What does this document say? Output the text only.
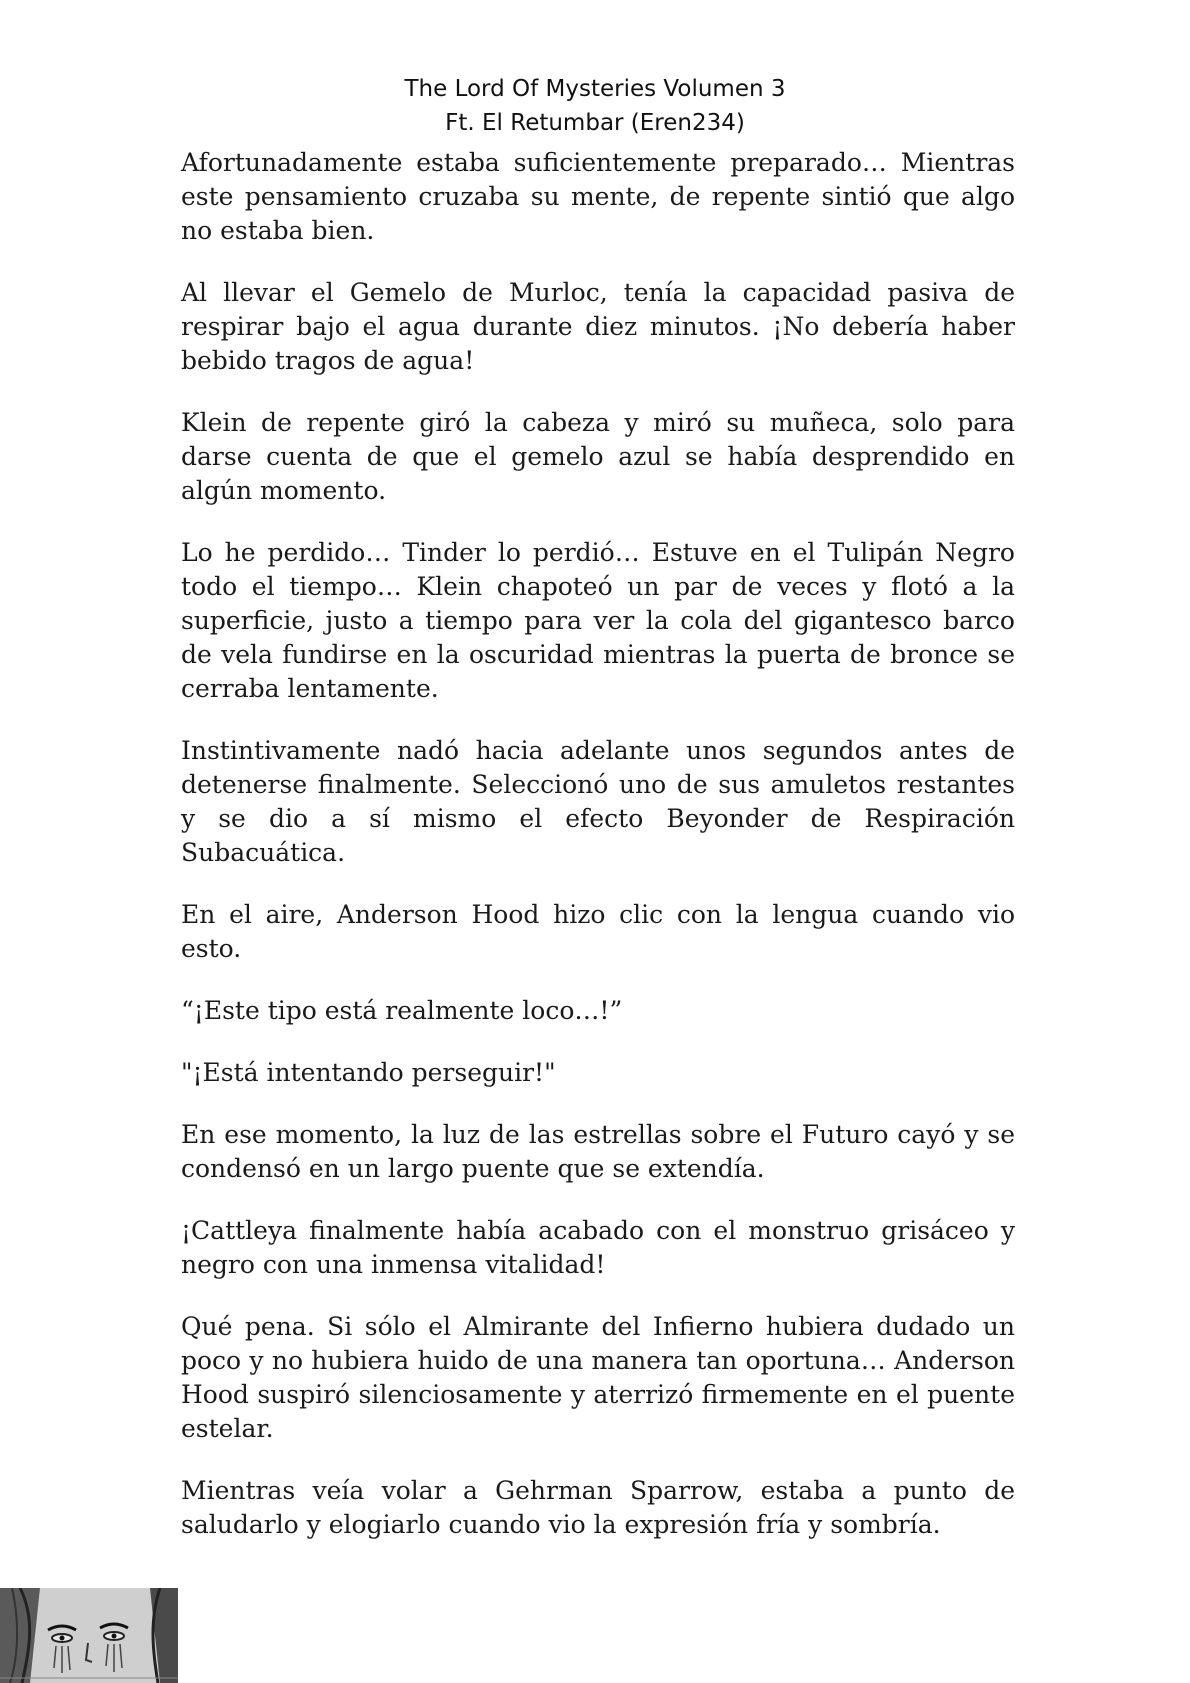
The Lord Of Mysteries Volumen 3
Ft. El Retumbar (Eren234)

Afortunadamente estaba suficientemente preparado… Mientras este pensamiento cruzaba su mente, de repente sintió que algo no estaba bien.

Al llevar el Gemelo de Murloc, tenía la capacidad pasiva de respirar bajo el agua durante diez minutos. ¡No debería haber bebido tragos de agua!

Klein de repente giró la cabeza y miró su muñeca, solo para darse cuenta de que el gemelo azul se había desprendido en algún momento.

Lo he perdido… Tinder lo perdió… Estuve en el Tulipán Negro todo el tiempo… Klein chapoteó un par de veces y flotó a la superficie, justo a tiempo para ver la cola del gigantesco barco de vela fundirse en la oscuridad mientras la puerta de bronce se cerraba lentamente.

Instintivamente nadó hacia adelante unos segundos antes de detenerse finalmente. Seleccionó uno de sus amuletos restantes y se dio a sí mismo el efecto Beyonder de Respiración Subacuática.

En el aire, Anderson Hood hizo clic con la lengua cuando vio esto.

“¡Este tipo está realmente loco…!”

"¡Está intentando perseguir!"

En ese momento, la luz de las estrellas sobre el Futuro cayó y se condensó en un largo puente que se extendía.

¡Cattleya finalmente había acabado con el monstruo grisáceo y negro con una inmensa vitalidad!

Qué pena. Si sólo el Almirante del Infierno hubiera dudado un poco y no hubiera huido de una manera tan oportuna… Anderson Hood suspiró silenciosamente y aterrizó firmemente en el puente estelar.

Mientras veía volar a Gehrman Sparrow, estaba a punto de saludarlo y elogiarlo cuando vio la expresión fría y sombría.
